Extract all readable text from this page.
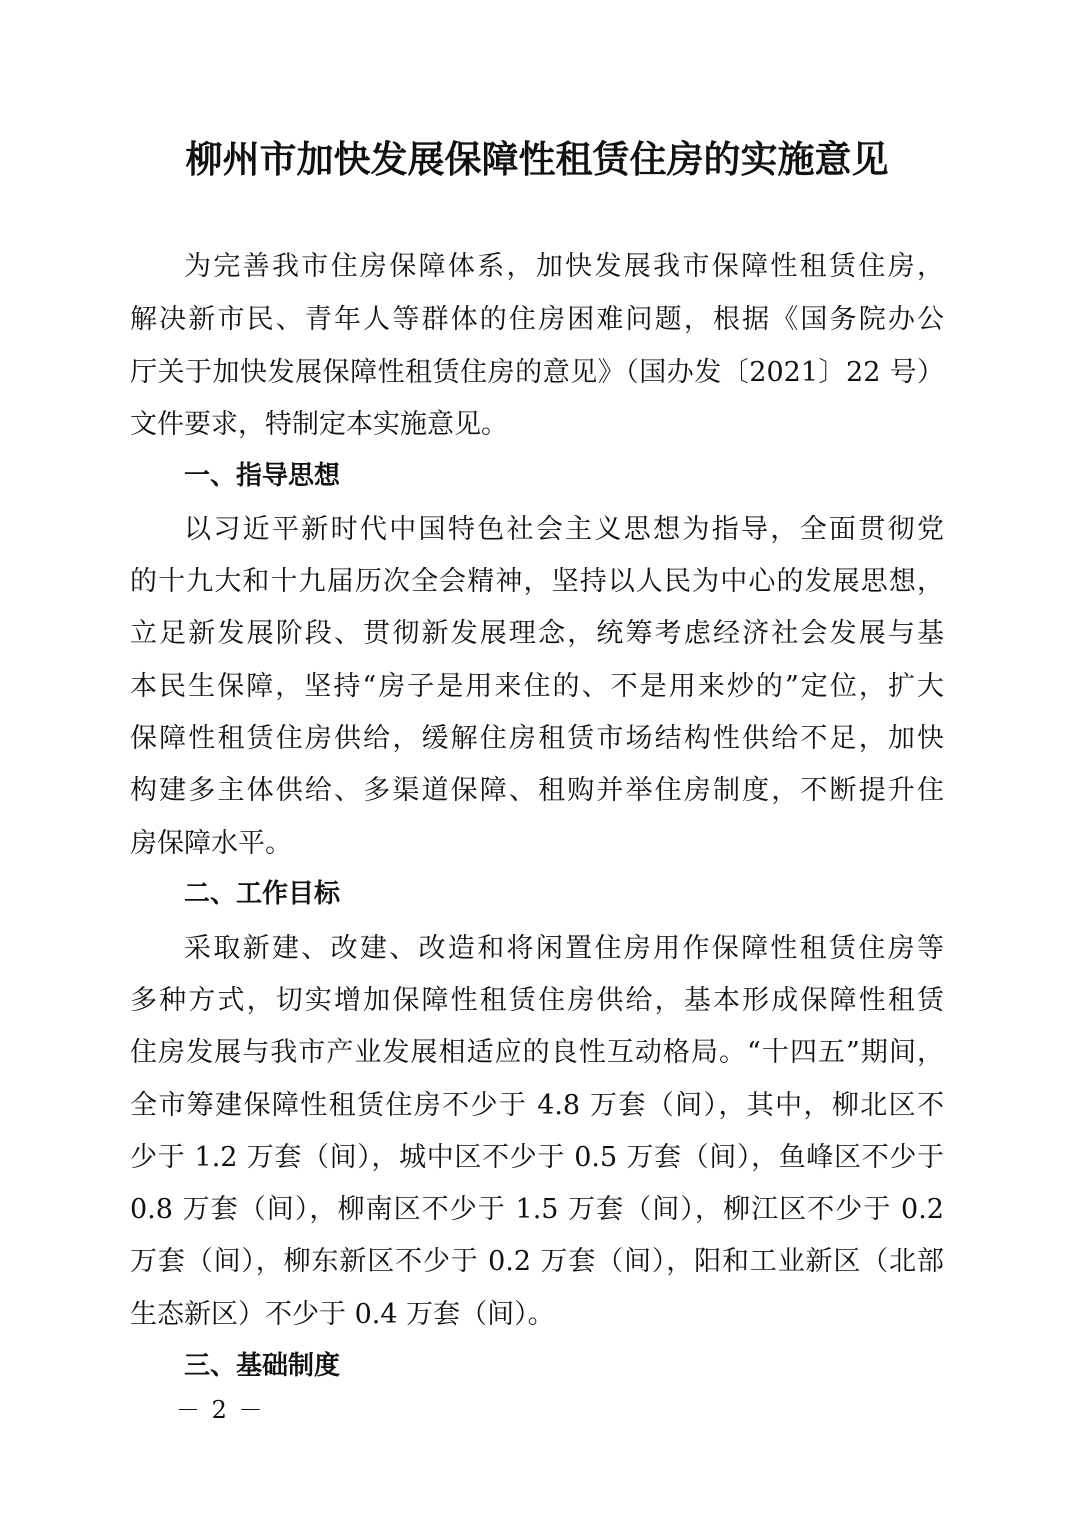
柳州市加快发展保障性租赁住房的实施意见
为完善我市住房保障体系，加快发展我市保障性租赁住房，
解决新市民、青年人等群体的住房困难问题，根据《国务院办公
厅关于加快发展保障性租赁住房的意见》（国办发〔2021〕22 号）
文件要求，特制定本实施意见。
一、指导思想
以习近平新时代中国特色社会主义思想为指导，全面贯彻党
的十九大和十九届历次全会精神，坚持以人民为中心的发展思想，
立足新发展阶段、贯彻新发展理念，统筹考虑经济社会发展与基
本民生保障，坚持“房子是用来住的、不是用来炒的”定位，扩大
保障性租赁住房供给，缓解住房租赁市场结构性供给不足，加快
构建多主体供给、多渠道保障、租购并举住房制度，不断提升住
房保障水平。
二、工作目标
采取新建、改建、改造和将闲置住房用作保障性租赁住房等
多种方式，切实增加保障性租赁住房供给，基本形成保障性租赁
住房发展与我市产业发展相适应的良性互动格局。“十四五”期间，
全市筹建保障性租赁住房不少于 4.8 万套（间），其中，柳北区不
少于 1.2 万套（间），城中区不少于 0.5 万套（间），鱼峰区不少于
0.8 万套（间），柳南区不少于 1.5 万套（间），柳江区不少于 0.2
万套（间），柳东新区不少于 0.2 万套（间），阳和工业新区（北部
生态新区）不少于 0.4 万套（间）。
三、基础制度
－ 2 －
